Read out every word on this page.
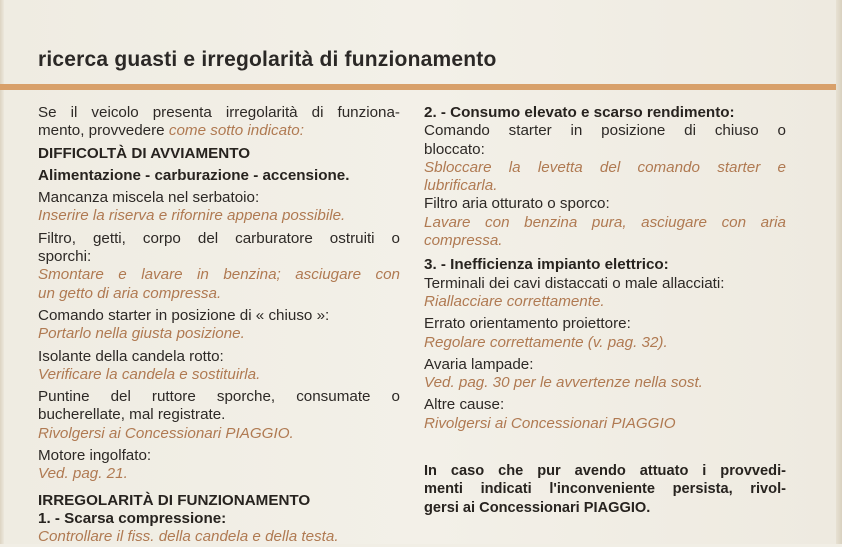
ricerca guasti e irregolarità di funzionamento
Se il veicolo presenta irregolarità di funziona-
mento, provvedere come sotto indicato:
DIFFICOLTÀ DI AVVIAMENTO
Alimentazione - carburazione - accensione.
Mancanza miscela nel serbatoio:
Inserire la riserva e rifornire appena possibile.
Filtro, getti, corpo del carburatore ostruiti o
sporchi:
Smontare e lavare in benzina; asciugare con
un getto di aria compressa.
Comando starter in posizione di « chiuso »:
Portarlo nella giusta posizione.
Isolante della candela rotto:
Verificare la candela e sostituirla.
Puntine del ruttore sporche, consumate o
bucherellate, mal registrate.
Rivolgersi ai Concessionari PIAGGIO.
Motore ingolfato:
Ved. pag. 21.
IRREGOLARITÀ DI FUNZIONAMENTO
1. - Scarsa compressione:
Controllare il fiss. della candela e della testa.
2. - Consumo elevato e scarso rendimento:
Comando starter in posizione di chiuso o
bloccato:
Sbloccare la levetta del comando starter e
lubrificarla.
Filtro aria otturato o sporco:
Lavare con benzina pura, asciugare con aria
compressa.
3. - Inefficienza impianto elettrico:
Terminali dei cavi distaccati o male allacciati:
Riallacciare correttamente.
Errato orientamento proiettore:
Regolare correttamente (v. pag. 32).
Avaria lampade:
Ved. pag. 30 per le avvertenze nella sost.
Altre cause:
Rivolgersi ai Concessionari PIAGGIO
In caso che pur avendo attuato i provvedi-
menti indicati l'inconveniente persista, rivol-
gersi ai Concessionari PIAGGIO.
